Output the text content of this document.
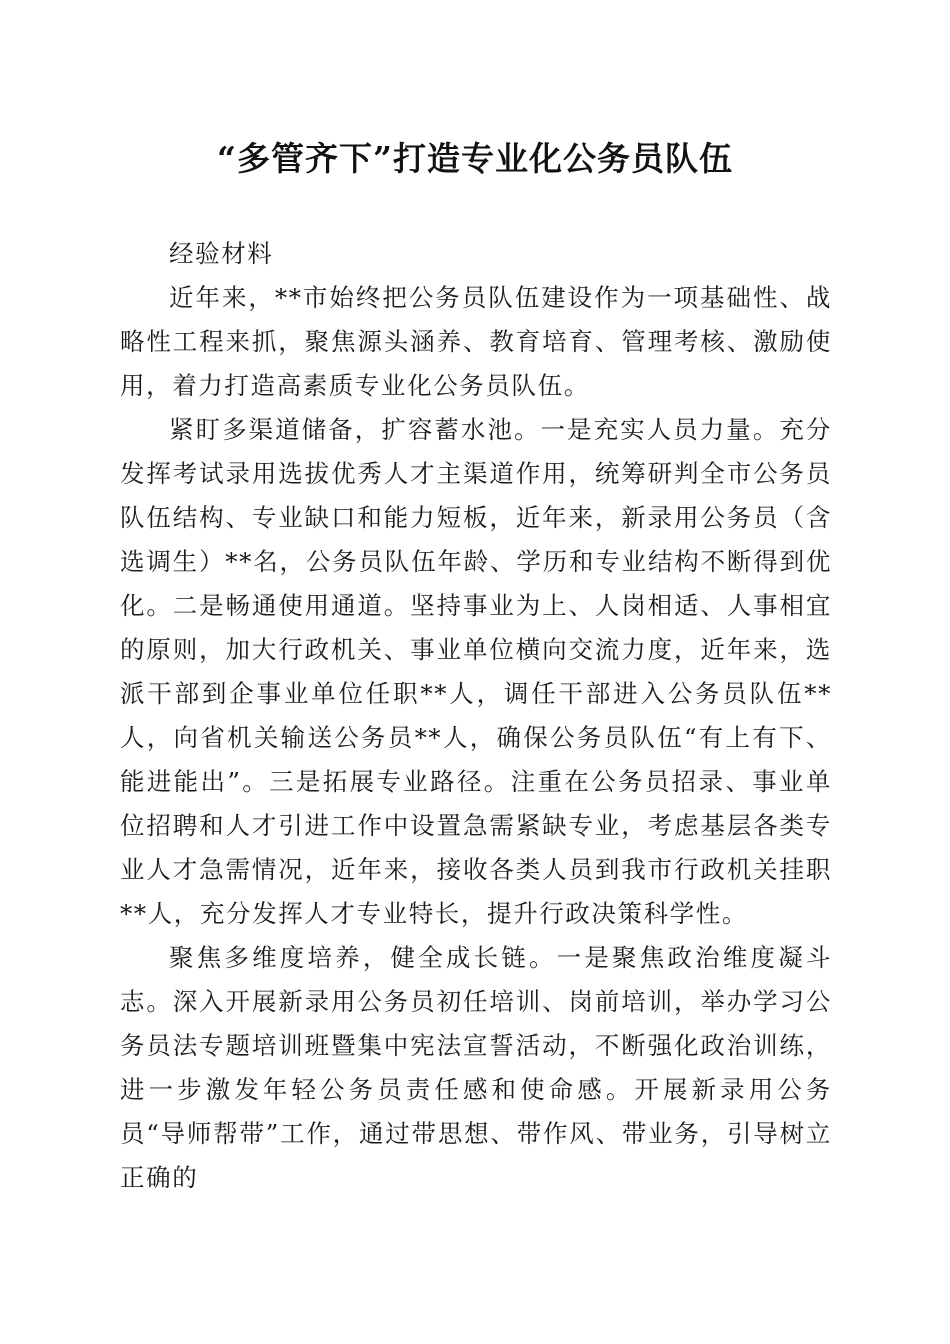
“多管齐下”打造专业化公务员队伍

经验材料

近年来，**市始终把公务员队伍建设作为一项基础性、战略性工程来抓，聚焦源头涵养、教育培育、管理考核、激励使用，着力打造高素质专业化公务员队伍。

紧盯多渠道储备，扩容蓄水池。一是充实人员力量。充分发挥考试录用选拔优秀人才主渠道作用，统筹研判全市公务员队伍结构、专业缺口和能力短板，近年来，新录用公务员（含选调生）**名，公务员队伍年龄、学历和专业结构不断得到优化。二是畅通使用通道。坚持事业为上、人岗相适、人事相宜的原则，加大行政机关、事业单位横向交流力度，近年来，选派干部到企事业单位任职**人，调任干部进入公务员队伍**人，向省机关输送公务员**人，确保公务员队伍“有上有下、能进能出”。三是拓展专业路径。注重在公务员招录、事业单位招聘和人才引进工作中设置急需紧缺专业，考虑基层各类专业人才急需情况，近年来，接收各类人员到我市行政机关挂职**人，充分发挥人才专业特长，提升行政决策科学性。

聚焦多维度培养，健全成长链。一是聚焦政治维度凝斗志。深入开展新录用公务员初任培训、岗前培训，举办学习公务员法专题培训班暨集中宪法宣誓活动，不断强化政治训练，进一步激发年轻公务员责任感和使命感。开展新录用公务员“导师帮带”工作，通过带思想、带作风、带业务，引导树立正确的
